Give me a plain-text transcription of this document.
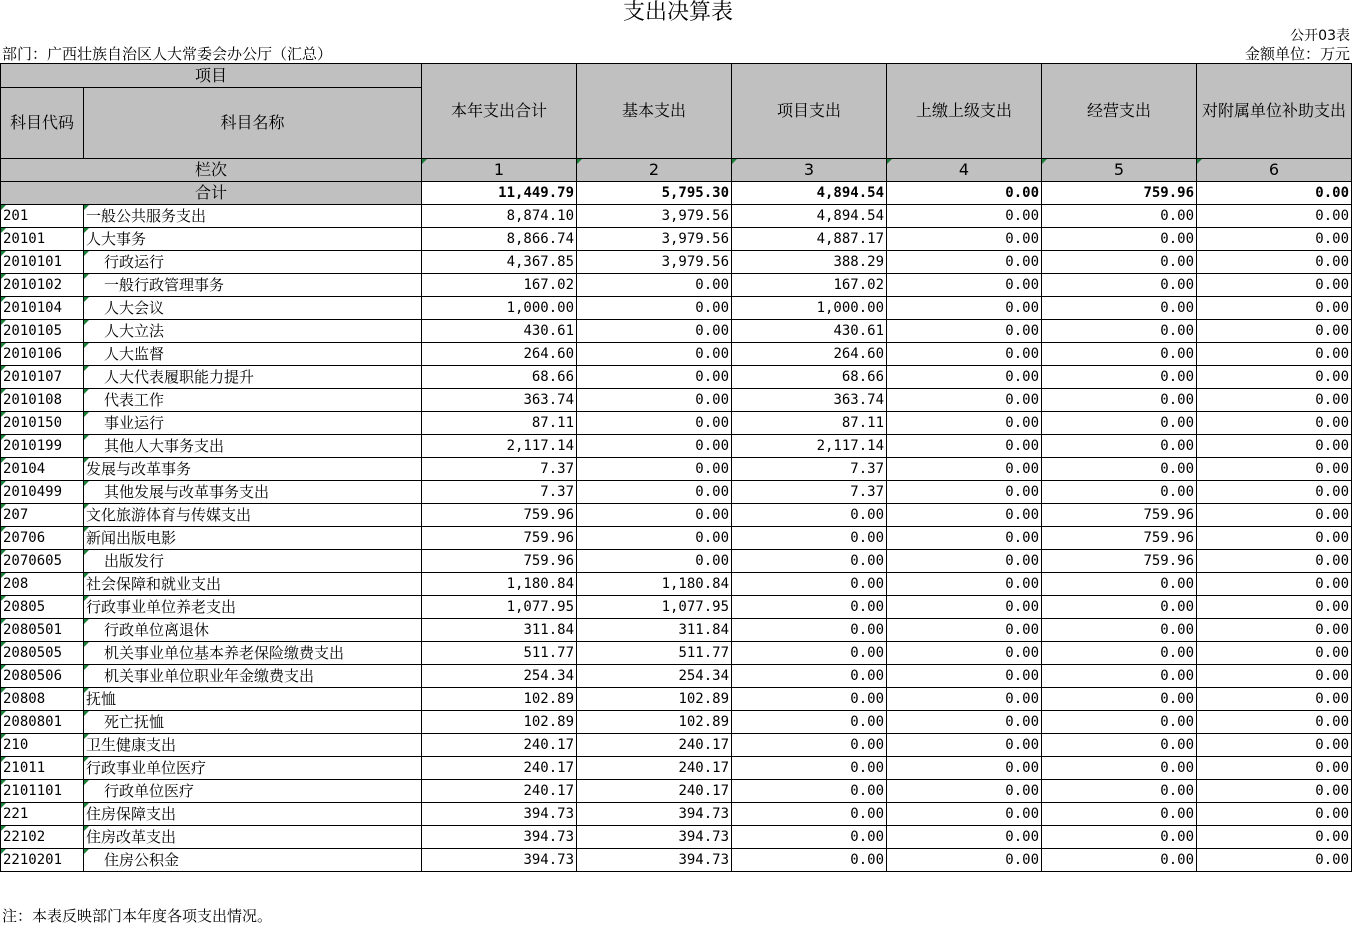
支出决算表
公开03表
部门：广西壮族自治区人大常委会办公厅（汇总）	金额单位：万元
项目		本年支出合计	基本支出	项目支出	上缴上级支出	经营支出	对附属单位补助支出
科目代码	科目名称						
栏次		1	2	3	4	5	6
合计		11,449.79	5,795.30	4,894.54	0.00	759.96	0.00
201	一般公共服务支出	8,874.10	3,979.56	4,894.54	0.00	0.00	0.00
20101	人大事务	8,866.74	3,979.56	4,887.17	0.00	0.00	0.00
2010101	行政运行	4,367.85	3,979.56	388.29	0.00	0.00	0.00
2010102	一般行政管理事务	167.02	0.00	167.02	0.00	0.00	0.00
2010104	人大会议	1,000.00	0.00	1,000.00	0.00	0.00	0.00
2010105	人大立法	430.61	0.00	430.61	0.00	0.00	0.00
2010106	人大监督	264.60	0.00	264.60	0.00	0.00	0.00
2010107	人大代表履职能力提升	68.66	0.00	68.66	0.00	0.00	0.00
2010108	代表工作	363.74	0.00	363.74	0.00	0.00	0.00
2010150	事业运行	87.11	0.00	87.11	0.00	0.00	0.00
2010199	其他人大事务支出	2,117.14	0.00	2,117.14	0.00	0.00	0.00
20104	发展与改革事务	7.37	0.00	7.37	0.00	0.00	0.00
2010499	其他发展与改革事务支出	7.37	0.00	7.37	0.00	0.00	0.00
207	文化旅游体育与传媒支出	759.96	0.00	0.00	0.00	759.96	0.00
20706	新闻出版电影	759.96	0.00	0.00	0.00	759.96	0.00
2070605	出版发行	759.96	0.00	0.00	0.00	759.96	0.00
208	社会保障和就业支出	1,180.84	1,180.84	0.00	0.00	0.00	0.00
20805	行政事业单位养老支出	1,077.95	1,077.95	0.00	0.00	0.00	0.00
2080501	行政单位离退休	311.84	311.84	0.00	0.00	0.00	0.00
2080505	机关事业单位基本养老保险缴费支出	511.77	511.77	0.00	0.00	0.00	0.00
2080506	机关事业单位职业年金缴费支出	254.34	254.34	0.00	0.00	0.00	0.00
20808	抚恤	102.89	102.89	0.00	0.00	0.00	0.00
2080801	死亡抚恤	102.89	102.89	0.00	0.00	0.00	0.00
210	卫生健康支出	240.17	240.17	0.00	0.00	0.00	0.00
21011	行政事业单位医疗	240.17	240.17	0.00	0.00	0.00	0.00
2101101	行政单位医疗	240.17	240.17	0.00	0.00	0.00	0.00
221	住房保障支出	394.73	394.73	0.00	0.00	0.00	0.00
22102	住房改革支出	394.73	394.73	0.00	0.00	0.00	0.00
2210201	住房公积金	394.73	394.73	0.00	0.00	0.00	0.00
注：本表反映部门本年度各项支出情况。
